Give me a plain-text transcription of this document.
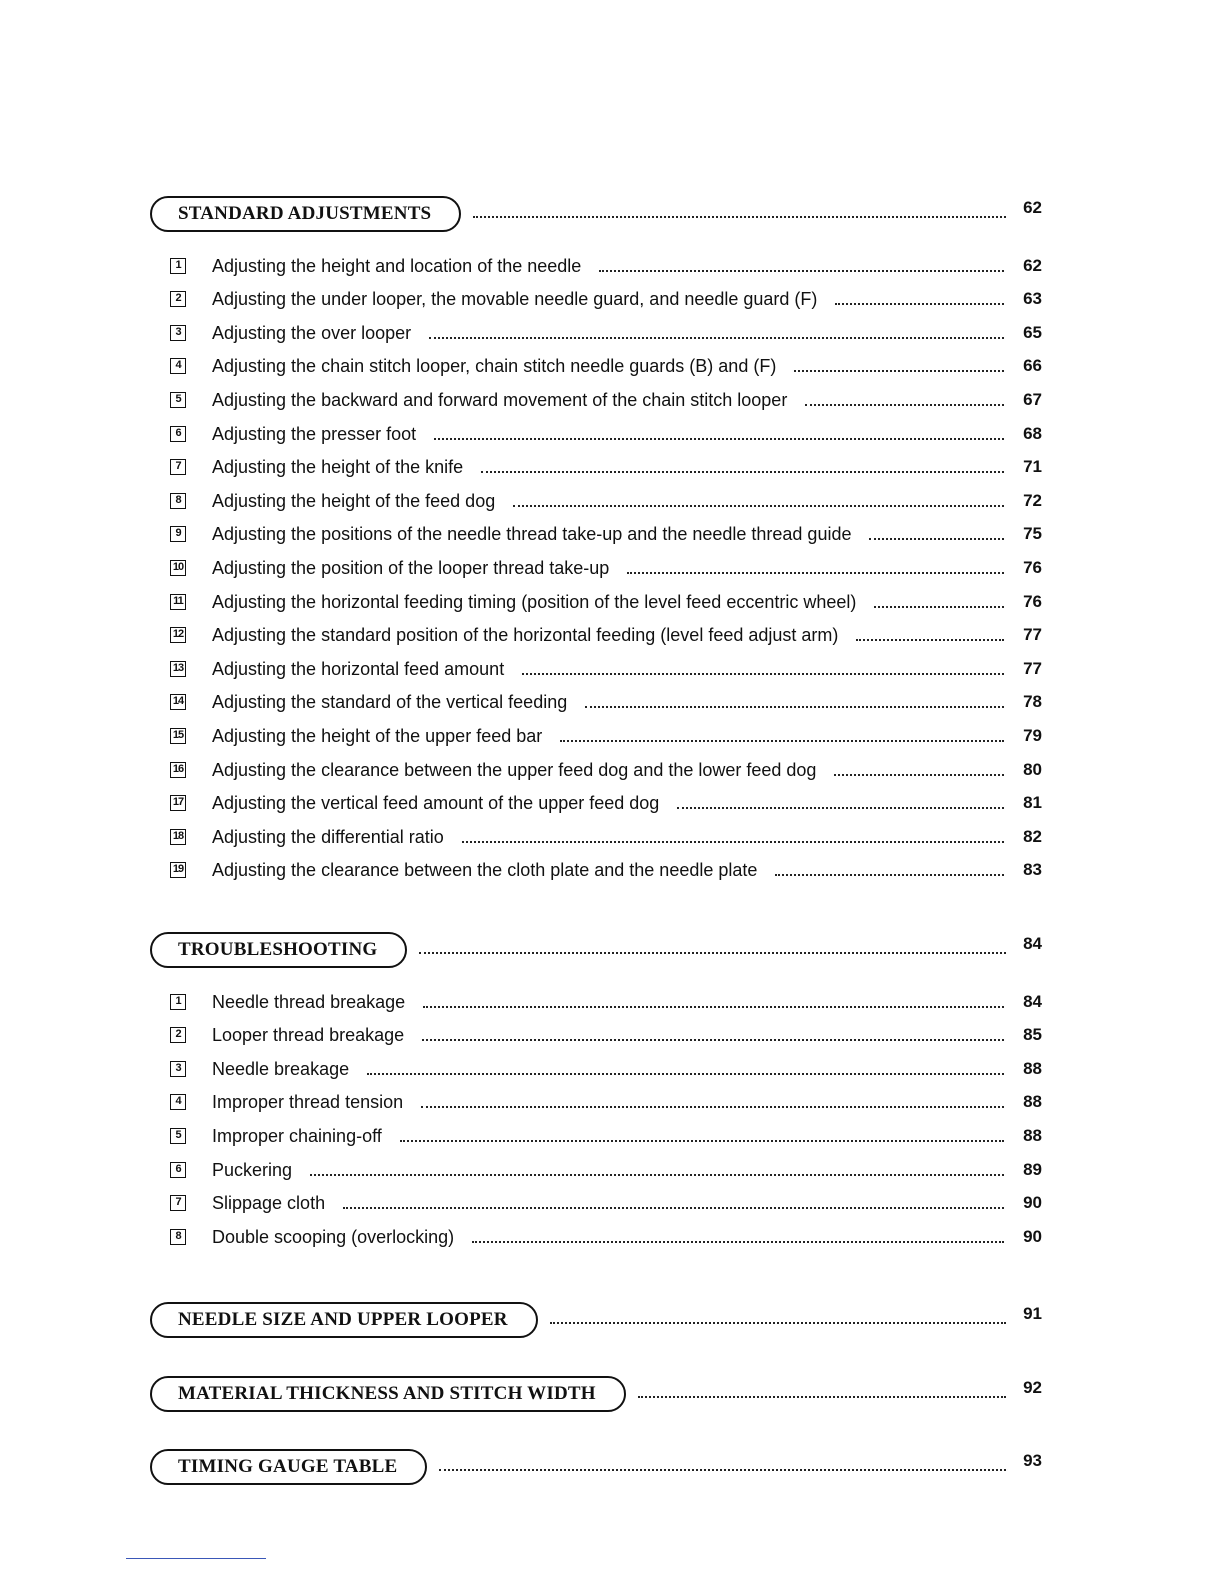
STANDARD ADJUSTMENTS	62
1	Adjusting the height and location of the needle	62
2	Adjusting the under looper, the movable needle guard, and needle guard (F)	63
3	Adjusting the over looper	65
4	Adjusting the chain stitch looper, chain stitch needle guards (B) and (F)	66
5	Adjusting the backward and forward movement of the chain stitch looper	67
6	Adjusting the presser foot	68
7	Adjusting the height of the knife	71
8	Adjusting the height of the feed dog	72
9	Adjusting the positions of the needle thread take-up and the needle thread guide	75
10 Adjusting the position of the looper thread take-up	76
11 Adjusting the horizontal feeding timing (position of the level feed eccentric wheel)	76
12 Adjusting the standard position of the horizontal feeding (level feed adjust arm)	77
13 Adjusting the horizontal feed amount	77
14 Adjusting the standard of the vertical feeding	78
15 Adjusting the height of the upper feed bar	79
16 Adjusting the clearance between the upper feed dog and the lower feed dog	80
17 Adjusting the vertical feed amount of the upper feed dog	81
18 Adjusting the differential ratio	82
19 Adjusting the clearance between the cloth plate and the needle plate	83
TROUBLESHOOTING	84
1	Needle thread breakage	84
2	Looper thread breakage	85
3	Needle breakage	88
4	Improper thread tension	88
5	Improper chaining-off	88
6	Puckering	89
7	Slippage cloth	90
8	Double scooping (overlocking)	90
NEEDLE SIZE AND UPPER LOOPER	91
MATERIAL THICKNESS AND STITCH WIDTH	92
TIMING GAUGE TABLE	93
